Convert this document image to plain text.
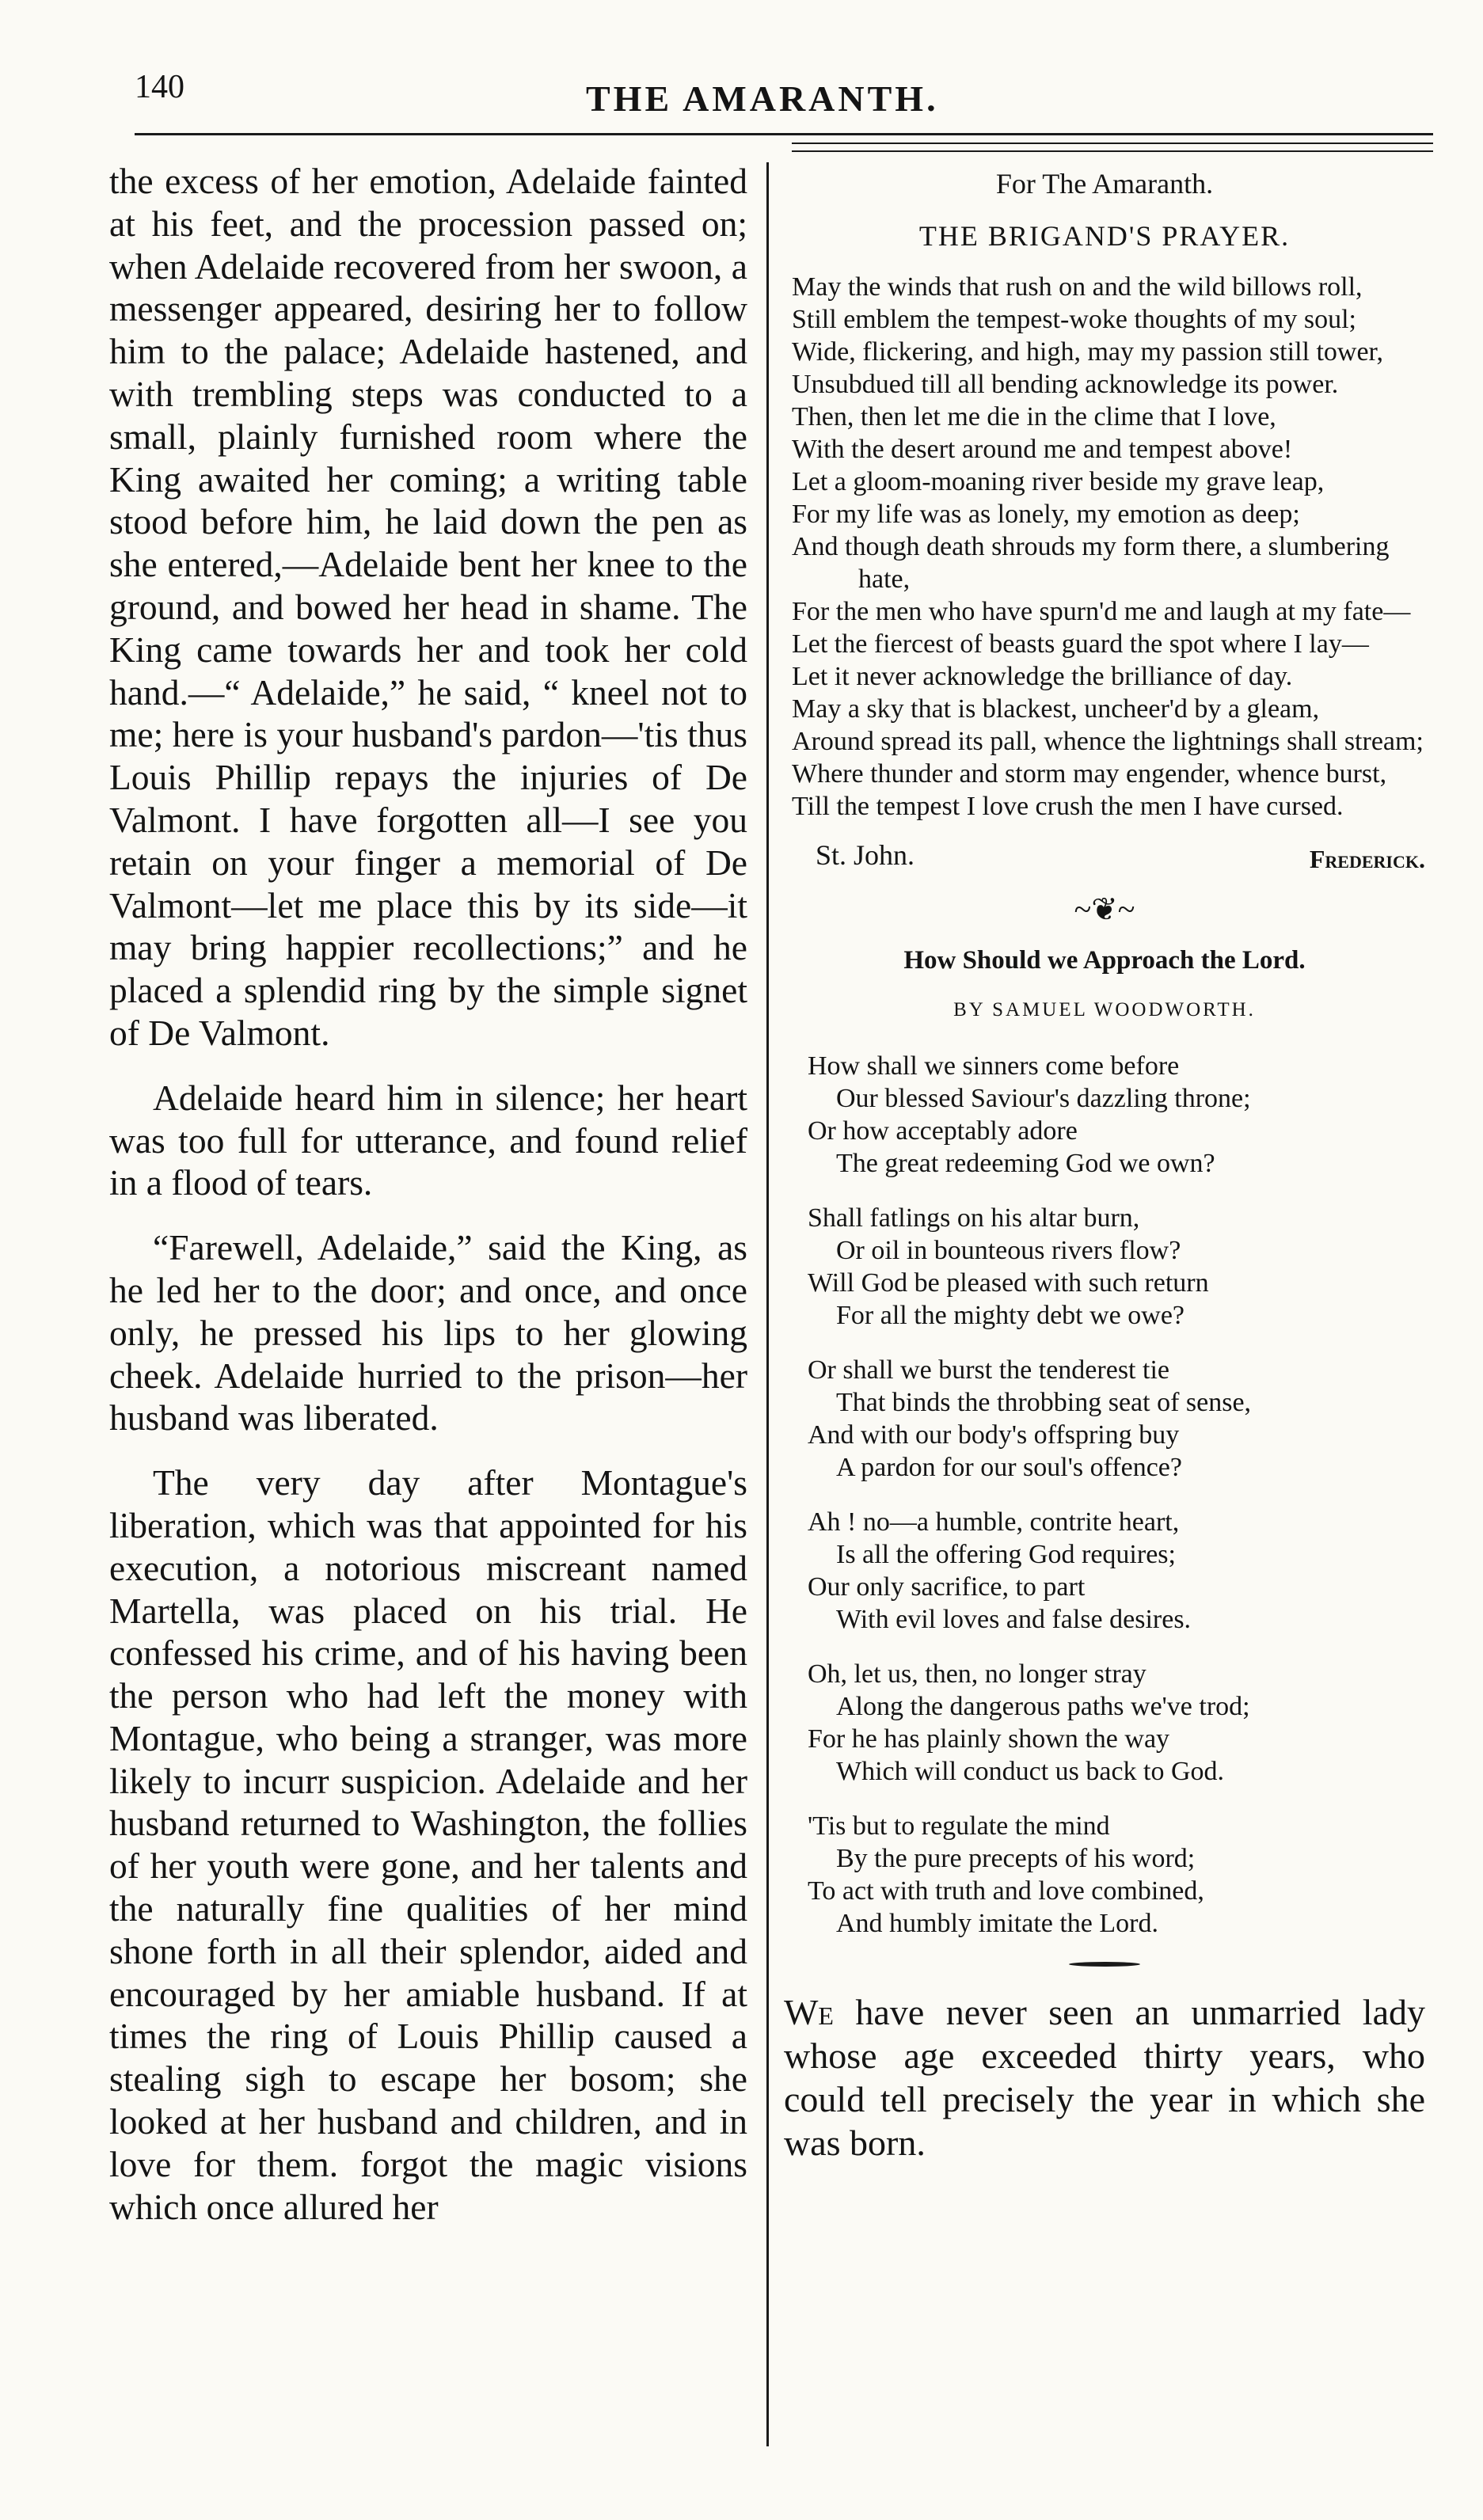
140	THE AMARANTH.

the excess of her emotion, Adelaide fainted at his feet, and the procession passed on; when Adelaide recovered from her swoon, a messenger appeared, desiring her to follow him to the palace; Adelaide hastened, and with trembling steps was conducted to a small, plainly furnished room where the King awaited her coming; a writing table stood before him, he laid down the pen as she entered,—Adelaide bent her knee to the ground, and bowed her head in shame. The King came towards her and took her cold hand.—“ Adelaide,” he said, “ kneel not to me; here is your husband's pardon—'tis thus Louis Phillip repays the injuries of De Valmont. I have forgotten all—I see you retain on your finger a memorial of De Valmont—let me place this by its side—it may bring happier recollections;” and he placed a splendid ring by the simple signet of De Valmont.

Adelaide heard him in silence; her heart was too full for utterance, and found relief in a flood of tears.

“Farewell, Adelaide,” said the King, as he led her to the door; and once, and once only, he pressed his lips to her glowing cheek. Adelaide hurried to the prison—her husband was liberated.

The very day after Montague's liberation, which was that appointed for his execution, a notorious miscreant named Martella, was placed on his trial. He confessed his crime, and of his having been the person who had left the money with Montague, who being a stranger, was more likely to incurr suspicion. Adelaide and her husband returned to Washington, the follies of her youth were gone, and her talents and the naturally fine qualities of her mind shone forth in all their splendor, aided and encouraged by her amiable husband. If at times the ring of Louis Phillip caused a stealing sigh to escape her bosom; she looked at her husband and children, and in love for them. forgot the magic visions which once allured her

For The Amaranth.

THE BRIGAND'S PRAYER.

May the winds that rush on and the wild billows roll,

Still emblem the tempest-woke thoughts of my soul;

Wide, flickering, and high, may my passion still tower,

Unsubdued till all bending acknowledge its power.

Then, then let me die in the clime that I love,

With the desert around me and tempest above!

Let a gloom-moaning river beside my grave leap,

For my life was as lonely, my emotion as deep;

And though death shrouds my form there, a slumbering hate,

For the men who have spurn'd me and laugh at my fate—

Let the fiercest of beasts guard the spot where I lay—

Let it never acknowledge the brilliance of day.

May a sky that is blackest, uncheer'd by a gleam,

Around spread its pall, whence the lightnings shall stream;

Where thunder and storm may engender, whence burst,

Till the tempest I love crush the men I have cursed.

St. John.	Frederick.

~❦~

How Should we Approach the Lord.

BY SAMUEL WOODWORTH.

How shall we sinners come before

Our blessed Saviour's dazzling throne;

Or how acceptably adore

The great redeeming God we own?

Shall fatlings on his altar burn,

Or oil in bounteous rivers flow?

Will God be pleased with such return

For all the mighty debt we owe?

Or shall we burst the tenderest tie

That binds the throbbing seat of sense,

And with our body's offspring buy

A pardon for our soul's offence?

Ah ! no—a humble, contrite heart,

Is all the offering God requires;

Our only sacrifice, to part

With evil loves and false desires.

Oh, let us, then, no longer stray

Along the dangerous paths we've trod;

For he has plainly shown the way

Which will conduct us back to God.

'Tis but to regulate the mind

By the pure precepts of his word;

To act with truth and love combined,

And humbly imitate the Lord.

We have never seen an unmarried lady whose age exceeded thirty years, who could tell precisely the year in which she was born.
